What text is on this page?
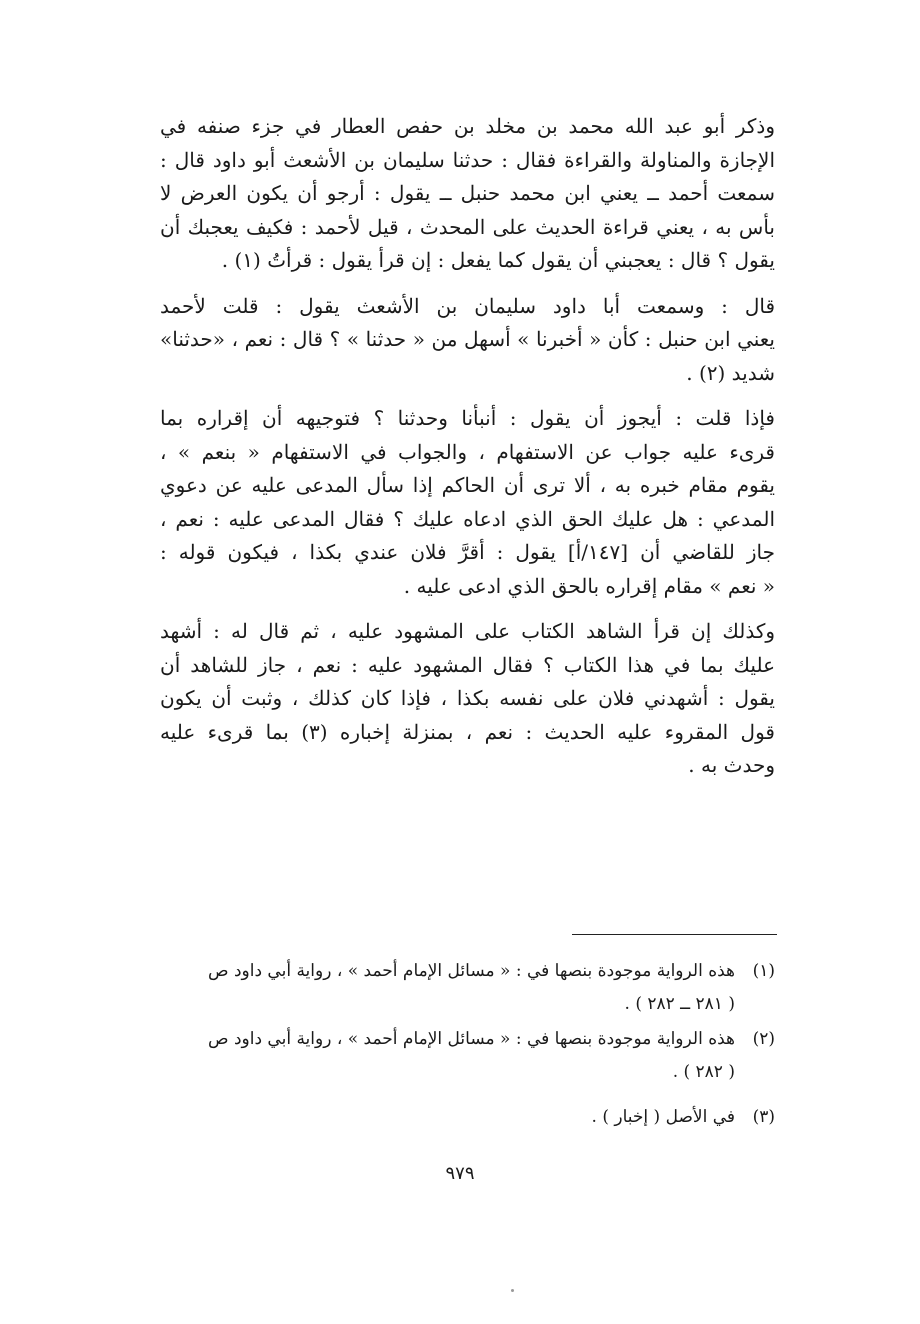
وذكر أبو عبد الله محمد بن مخلد بن حفص العطار في جزء صنفه في
الإجازة والمناولة والقراءة فقال : حدثنا سليمان بن الأشعث أبو داود قال :
سمعت أحمد ــ يعني ابن محمد حنبل ــ يقول : أرجو أن يكون العرض لا
بأس به ، يعني قراءة الحديث على المحدث ، قيل لأحمد : فكيف يعجبك أن
يقول ؟ قال : يعجبني أن يقول كما يفعل : إن قرأ يقول : قرأتُ (١) .

قال : وسمعت أبا داود سليمان بن الأشعث يقول : قلت لأحمد
يعني ابن حنبل : كأن « أخبرنا » أسهل من « حدثنا » ؟ قال : نعم ، «حدثنا»
شديد (٢) .

فإذا قلت : أيجوز أن يقول : أنبأنا وحدثنا ؟ فتوجيهه أن إقراره بما
قرىء عليه جواب عن الاستفهام ، والجواب في الاستفهام « بنعم » ،
يقوم مقام خبره به ، ألا ترى أن الحاكم إذا سأل المدعى عليه عن دعوي
المدعي : هل عليك الحق الذي ادعاه عليك ؟ فقال المدعى عليه : نعم ،
جاز للقاضي أن [١٤٧/أ] يقول : أقرَّ فلان عندي بكذا ، فيكون قوله :
« نعم » مقام إقراره بالحق الذي ادعى عليه .

وكذلك إن قرأ الشاهد الكتاب على المشهود عليه ، ثم قال له : أشهد
عليك بما في هذا الكتاب ؟ فقال المشهود عليه : نعم ، جاز للشاهد أن
يقول : أشهدني فلان على نفسه بكذا ، فإذا كان كذلك ، وثبت أن يكون
قول المقروء عليه الحديث : نعم ، بمنزلة إخباره (٣) بما قرىء عليه
وحدث به .

(١)هذه الرواية موجودة بنصها في : « مسائل الإمام أحمد » ، رواية أبي داود ص
( ٢٨١ ــ ٢٨٢ ) .
(٢)هذه الرواية موجودة بنصها في : « مسائل الإمام أحمد » ، رواية أبي داود ص
( ٢٨٢ ) .
(٣)في الأصل ( إخبار ) .
٩٧٩
